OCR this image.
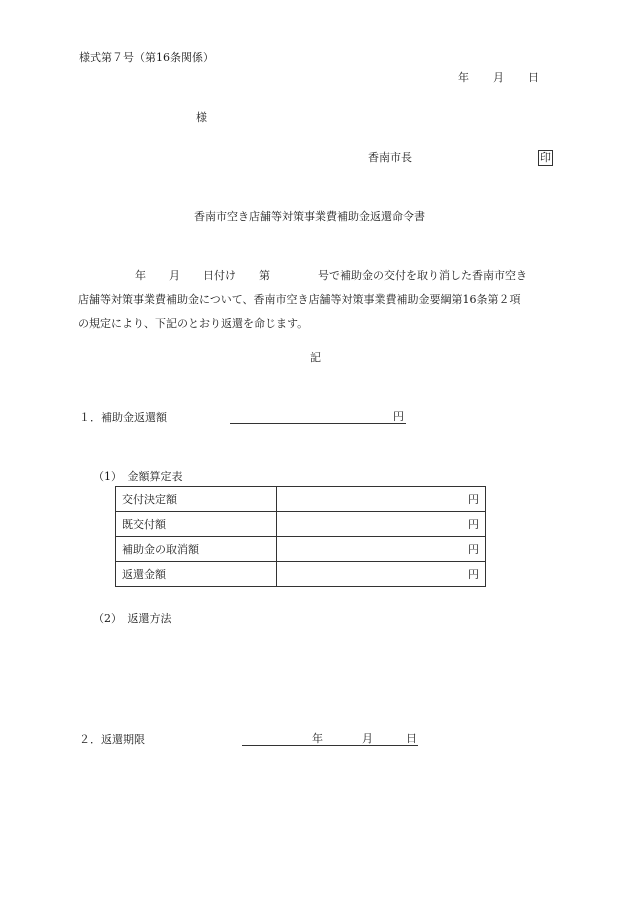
様式第７号（第16条関係）
年 月 日
様
香南市長	印
香南市空き店舗等対策事業費補助金返還命令書
年 月 日付け 第	号で補助金の交付を取り消した香南市空き
店舗等対策事業費補助金について、香南市空き店舗等対策事業費補助金要綱第16条第２項
の規定により、下記のとおり返還を命じます。
記
１．補助金返還額	円
（1）　金額算定表
交付決定額	円
既交付額	円
補助金の取消額	円
返還金額	円
（2）　返還方法
２．返還期限	年	月	日
